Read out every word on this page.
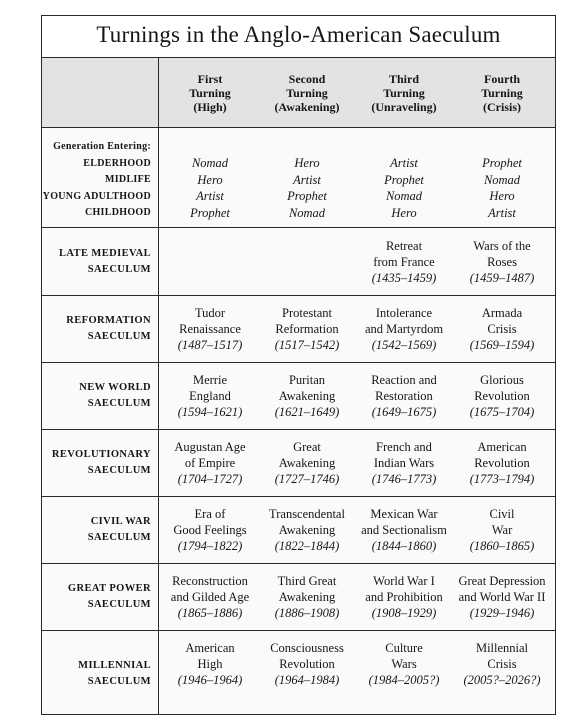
Turnings in the Anglo-American Saeculum
First
Turning
(High)
Second
Turning
(Awakening)
Third
Turning
(Unraveling)
Fourth
Turning
(Crisis)
Generation Entering:
ELDERHOOD
MIDLIFE
YOUNG ADULTHOOD
CHILDHOOD
Nomad
Hero
Artist
Prophet
Hero
Artist
Prophet
Nomad
Artist
Prophet
Nomad
Hero
Prophet
Nomad
Hero
Artist
LATE MEDIEVAL
SAECULUM
Retreat
from France
(1435–1459)
Wars of the
Roses
(1459–1487)
REFORMATION
SAECULUM
Tudor
Renaissance
(1487–1517)
Protestant
Reformation
(1517–1542)
Intolerance
and Martyrdom
(1542–1569)
Armada
Crisis
(1569–1594)
NEW WORLD
SAECULUM
Merrie
England
(1594–1621)
Puritan
Awakening
(1621–1649)
Reaction and
Restoration
(1649–1675)
Glorious
Revolution
(1675–1704)
REVOLUTIONARY
SAECULUM
Augustan Age
of Empire
(1704–1727)
Great
Awakening
(1727–1746)
French and
Indian Wars
(1746–1773)
American
Revolution
(1773–1794)
CIVIL WAR
SAECULUM
Era of
Good Feelings
(1794–1822)
Transcendental
Awakening
(1822–1844)
Mexican War
and Sectionalism
(1844–1860)
Civil
War
(1860–1865)
GREAT POWER
SAECULUM
Reconstruction
and Gilded Age
(1865–1886)
Third Great
Awakening
(1886–1908)
World War I
and Prohibition
(1908–1929)
Great Depression
and World War II
(1929–1946)
MILLENNIAL
SAECULUM
American
High
(1946–1964)
Consciousness
Revolution
(1964–1984)
Culture
Wars
(1984–2005?)
Millennial
Crisis
(2005?–2026?)
